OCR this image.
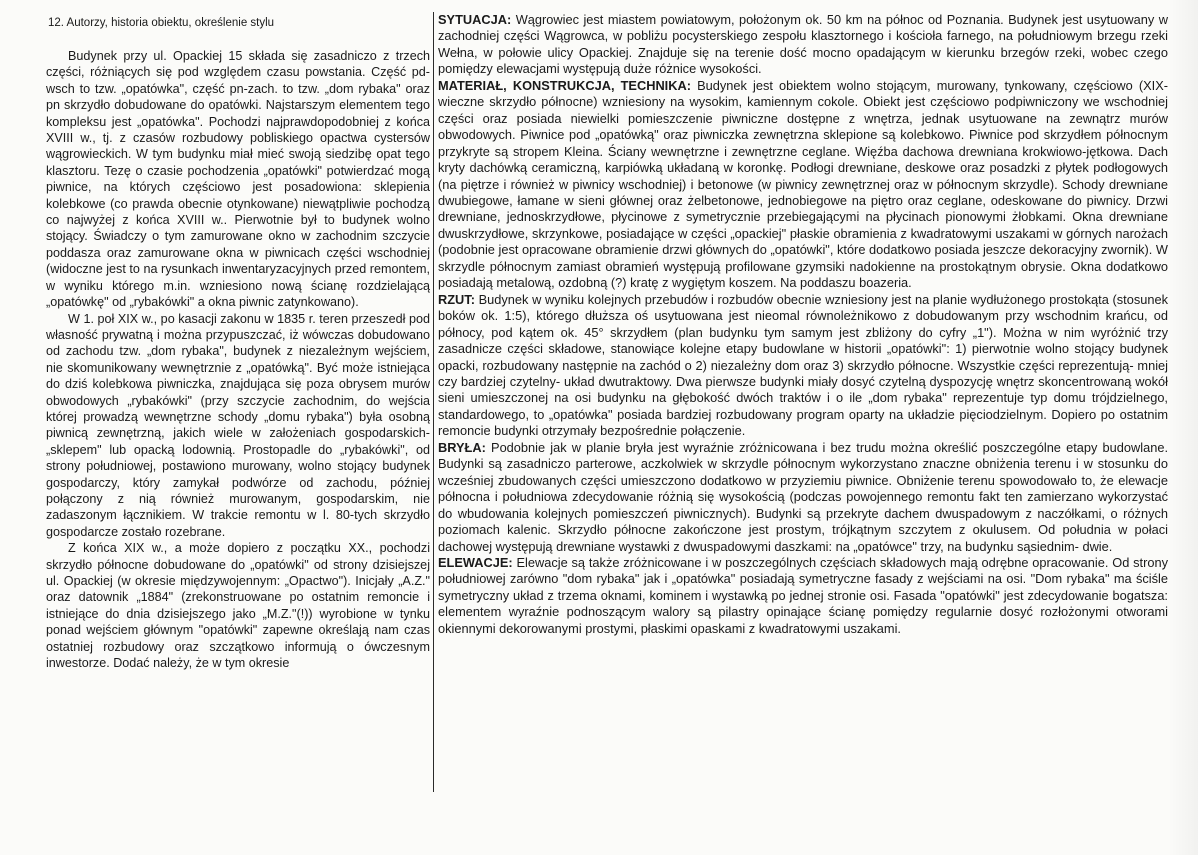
12. Autorzy, historia obiektu, określenie stylu

Budynek przy ul. Opackiej 15 składa się zasadniczo z trzech części, różniących się pod względem czasu powstania. Część pd-wsch to tzw. „opatówka", część pn-zach. to tzw. „dom rybaka" oraz pn skrzydło dobudowane do opatówki. Najstarszym elementem tego kompleksu jest „opatówka". Pochodzi najprawdopodobniej z końca XVIII w., tj. z czasów rozbudowy pobliskiego opactwa cystersów wągrowieckich. W tym budynku miał mieć swoją siedzibę opat tego klasztoru. Tezę o czasie pochodzenia „opatówki" potwierdzać mogą piwnice, na których częściowo jest posadowiona: sklepienia kolebkowe (co prawda obecnie otynkowane) niewątpliwie pochodzą co najwyżej z końca XVIII w.. Pierwotnie był to budynek wolno stojący. Świadczy o tym zamurowane okno w zachodnim szczycie poddasza oraz zamurowane okna w piwnicach części wschodniej (widoczne jest to na rysunkach inwentaryzacyjnych przed remontem, w wyniku którego m.in. wzniesiono nową ścianę rozdzielającą „opatówkę" od „rybakówki" a okna piwnic zatynkowano).

W 1. poł XIX w., po kasacji zakonu w 1835 r. teren przeszedł pod własność prywatną i można przypuszczać, iż wówczas dobudowano od zachodu tzw. „dom rybaka", budynek z niezależnym wejściem, nie skomunikowany wewnętrznie z „opatówką". Być może istniejąca do dziś kolebkowa piwniczka, znajdująca się poza obrysem murów obwodowych „rybakówki" (przy szczycie zachodnim, do wejścia której prowadzą wewnętrzne schody „domu rybaka") była osobną piwnicą zewnętrzną, jakich wiele w założeniach gospodarskich- „sklepem" lub opacką lodownią. Prostopadle do „rybakówki", od strony południowej, postawiono murowany, wolno stojący budynek gospodarczy, który zamykał podwórze od zachodu, później połączony z nią również murowanym, gospodarskim, nie zadaszonym łącznikiem. W trakcie remontu w l. 80-tych skrzydło gospodarcze zostało rozebrane.

Z końca XIX w., a może dopiero z początku XX., pochodzi skrzydło północne dobudowane do „opatówki" od strony dzisiejszej ul. Opackiej (w okresie międzywojennym: „Opactwo"). Inicjały „A.Z." oraz datownik „1884" (zrekonstruowane po ostatnim remoncie i istniejące do dnia dzisiejszego jako „M.Z."(!)) wyrobione w tynku ponad wejściem głównym "opatówki" zapewne określają nam czas ostatniej rozbudowy oraz szczątkowo informują o ówczesnym inwestorze. Dodać należy, że w tym okresie

SYTUACJA: Wągrowiec jest miastem powiatowym, położonym ok. 50 km na północ od Poznania. Budynek jest usytuowany w zachodniej części Wągrowca, w pobliżu pocysterskiego zespołu klasztornego i kościoła farnego, na południowym brzegu rzeki Wełna, w połowie ulicy Opackiej. Znajduje się na terenie dość mocno opadającym w kierunku brzegów rzeki, wobec czego pomiędzy elewacjami występują duże różnice wysokości.

MATERIAŁ, KONSTRUKCJA, TECHNIKA: Budynek jest obiektem wolno stojącym, murowany, tynkowany, częściowo (XIX- wieczne skrzydło północne) wzniesiony na wysokim, kamiennym cokole. Obiekt jest częściowo podpiwniczony we wschodniej części oraz posiada niewielki pomieszczenie piwniczne dostępne z wnętrza, jednak usytuowane na zewnątrz murów obwodowych. Piwnice pod „opatówką" oraz piwniczka zewnętrzna sklepione są kolebkowo. Piwnice pod skrzydłem północnym przykryte są stropem Kleina. Ściany wewnętrzne i zewnętrzne ceglane. Więźba dachowa drewniana krokwiowo-jętkowa. Dach kryty dachówką ceramiczną, karpiówką układaną w koronkę. Podłogi drewniane, deskowe oraz posadzki z płytek podłogowych (na piętrze i również w piwnicy wschodniej) i betonowe (w piwnicy zewnętrznej oraz w północnym skrzydle). Schody drewniane dwubiegowe, łamane w sieni głównej oraz żelbetonowe, jednobiegowe na piętro oraz ceglane, odeskowane do piwnicy. Drzwi drewniane, jednoskrzydłowe, płycinowe z symetrycznie przebiegającymi na płycinach pionowymi żłobkami. Okna drewniane dwuskrzydłowe, skrzynkowe, posiadające w części „opackiej" płaskie obramienia z kwadratowymi uszakami w górnych narożach (podobnie jest opracowane obramienie drzwi głównych do „opatówki", które dodatkowo posiada jeszcze dekoracyjny zwornik). W skrzydle północnym zamiast obramień występują profilowane gzymsiki nadokienne na prostokątnym obrysie. Okna dodatkowo posiadają metalową, ozdobną (?) kratę z wygiętym koszem. Na poddaszu boazeria.

RZUT: Budynek w wyniku kolejnych przebudów i rozbudów obecnie wzniesiony jest na planie wydłużonego prostokąta (stosunek boków ok. 1:5), którego dłuższa oś usytuowana jest nieomal równoleżnikowo z dobudowanym przy wschodnim krańcu, od północy, pod kątem ok. 45° skrzydłem (plan budynku tym samym jest zbliżony do cyfry „1"). Można w nim wyróżnić trzy zasadnicze części składowe, stanowiące kolejne etapy budowlane w historii „opatówki": 1) pierwotnie wolno stojący budynek opacki, rozbudowany następnie na zachód o 2) niezależny dom oraz 3) skrzydło północne. Wszystkie części reprezentują- mniej czy bardziej czytelny- układ dwutraktowy. Dwa pierwsze budynki miały dosyć czytelną dyspozycję wnętrz skoncentrowaną wokół sieni umieszczonej na osi budynku na głębokość dwóch traktów i o ile „dom rybaka" reprezentuje typ domu trójdzielnego, standardowego, to „opatówka" posiada bardziej rozbudowany program oparty na układzie pięciodzielnym. Dopiero po ostatnim remoncie budynki otrzymały bezpośrednie połączenie.

BRYŁA: Podobnie jak w planie bryła jest wyraźnie zróżnicowana i bez trudu można określić poszczególne etapy budowlane. Budynki są zasadniczo parterowe, aczkolwiek w skrzydle północnym wykorzystano znaczne obniżenia terenu i w stosunku do wcześniej zbudowanych części umieszczono dodatkowo w przyziemiu piwnice. Obniżenie terenu spowodowało to, że elewacje północna i południowa zdecydowanie różnią się wysokością (podczas powojennego remontu fakt ten zamierzano wykorzystać do wbudowania kolejnych pomieszczeń piwnicznych). Budynki są przekryte dachem dwuspadowym z naczółkami, o różnych poziomach kalenic. Skrzydło północne zakończone jest prostym, trójkątnym szczytem z okulusem. Od południa w połaci dachowej występują drewniane wystawki z dwuspadowymi daszkami: na „opatówce" trzy, na budynku sąsiednim- dwie.

ELEWACJE: Elewacje są także zróżnicowane i w poszczególnych częściach składowych mają odrębne opracowanie. Od strony południowej zarówno "dom rybaka" jak i „opatówka" posiadają symetryczne fasady z wejściami na osi. "Dom rybaka" ma ściśle symetryczny układ z trzema oknami, kominem i wystawką po jednej stronie osi. Fasada "opatówki" jest zdecydowanie bogatsza: elementem wyraźnie podnoszącym walory są pilastry opinające ścianę pomiędzy regularnie dosyć rozłożonymi otworami okiennymi dekorowanymi prostymi, płaskimi opaskami z kwadratowymi uszakami.
